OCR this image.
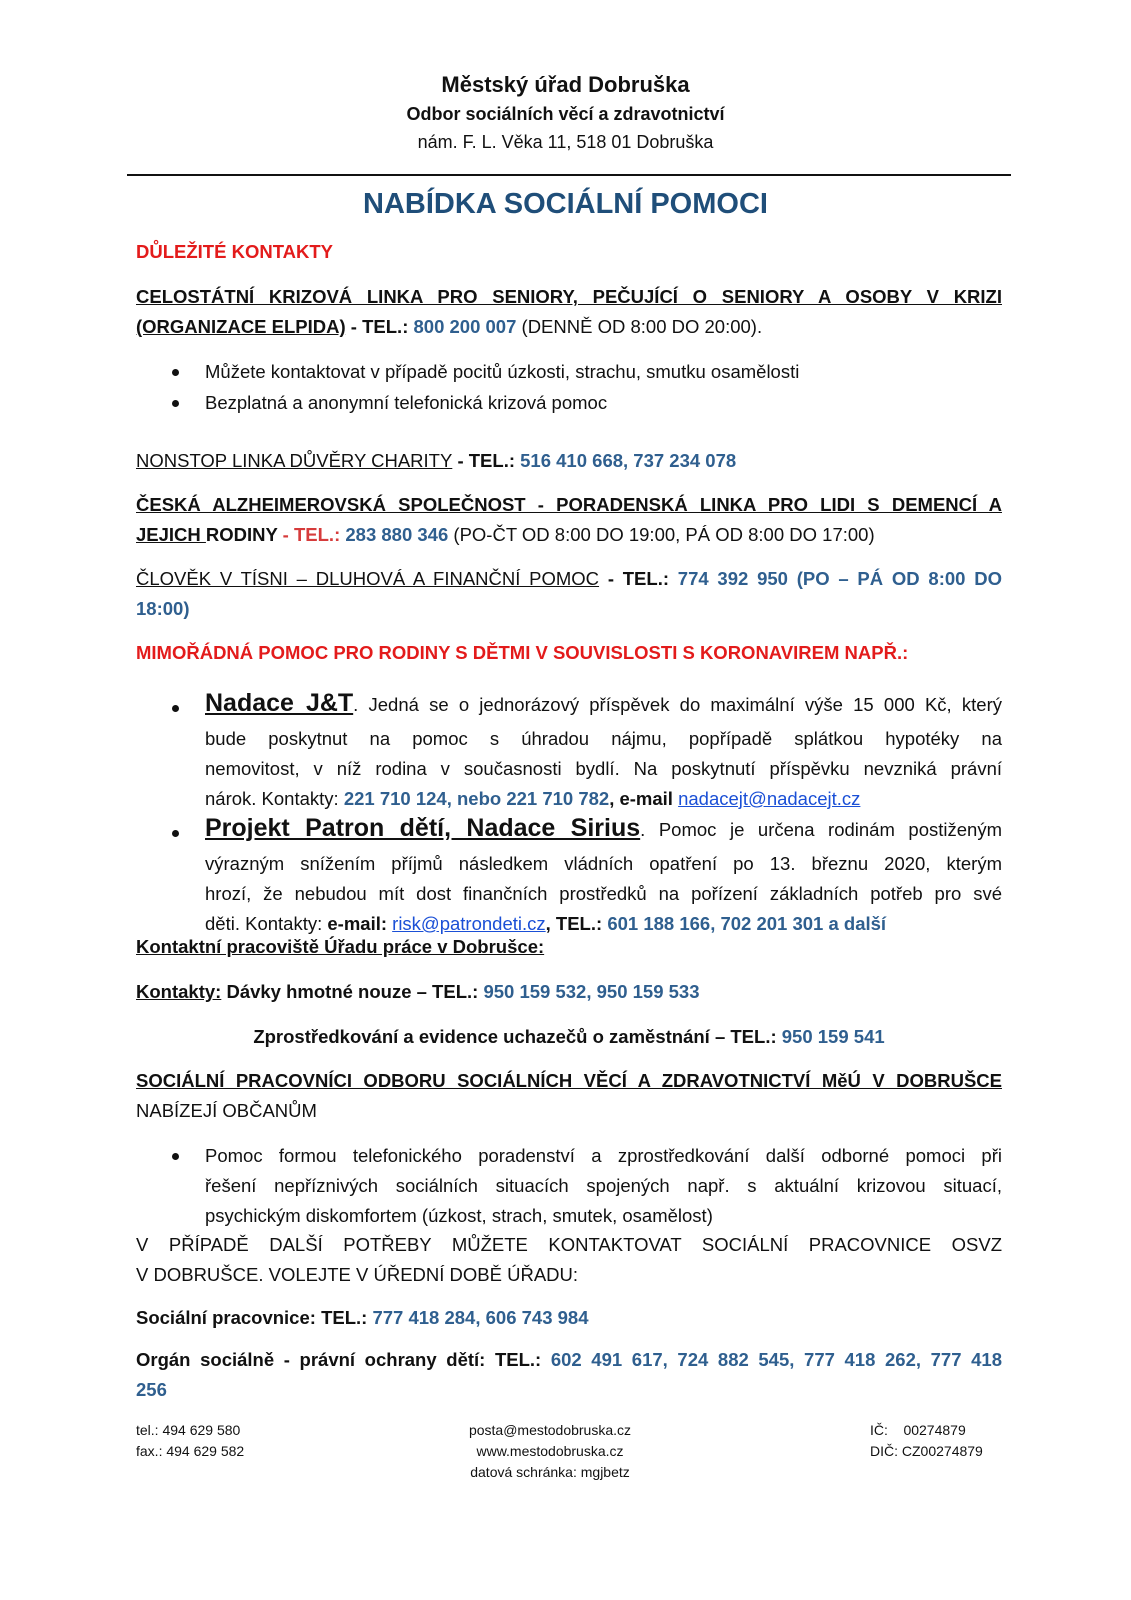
Městský úřad Dobruška
Odbor sociálních věcí a zdravotnictví
nám. F. L. Věka 11, 518 01 Dobruška
NABÍDKA SOCIÁLNÍ POMOCI
DŮLEŽITÉ KONTAKTY
CELOSTÁTNÍ KRIZOVÁ LINKA PRO SENIORY, PEČUJÍCÍ O SENIORY A OSOBY V KRIZI
(ORGANIZACE ELPIDA) - TEL.: 800 200 007 (DENNĚ OD 8:00 DO 20:00).
Můžete kontaktovat v případě pocitů úzkosti, strachu, smutku osamělosti
Bezplatná a anonymní telefonická krizová pomoc
NONSTOP LINKA DŮVĚRY CHARITY - TEL.: 516 410 668, 737 234 078
ČESKÁ ALZHEIMEROVSKÁ SPOLEČNOST - PORADENSKÁ LINKA PRO LIDI S DEMENCÍ A
JEJICH RODINY - TEL.: 283 880 346 (PO-ČT OD 8:00 DO 19:00, PÁ OD 8:00 DO 17:00)
ČLOVĚK V TÍSNI – DLUHOVÁ A FINANČNÍ POMOC - TEL.: 774 392 950 (PO – PÁ OD 8:00 DO
18:00)
MIMOŘÁDNÁ POMOC PRO RODINY S DĚTMI V SOUVISLOSTI S KORONAVIREM NAPŘ.:
Nadace J&T. Jedná se o jednorázový příspěvek do maximální výše 15 000 Kč, který
bude poskytnut na pomoc s úhradou nájmu, popřípadě splátkou hypotéky na
nemovitost, v níž rodina v současnosti bydlí. Na poskytnutí příspěvku nevzniká právní
nárok. Kontakty: 221 710 124, nebo 221 710 782, e-mail nadacejt@nadacejt.cz
Projekt Patron dětí, Nadace Sirius. Pomoc je určena rodinám postiženým
výrazným snížením příjmů následkem vládních opatření po 13. březnu 2020, kterým
hrozí, že nebudou mít dost finančních prostředků na pořízení základních potřeb pro své
děti. Kontakty: e-mail: risk@patrondeti.cz, TEL.: 601 188 166, 702 201 301 a další
Kontaktní pracoviště Úřadu práce v Dobrušce:
Kontakty: Dávky hmotné nouze – TEL.: 950 159 532, 950 159 533
Zprostředkování a evidence uchazečů o zaměstnání – TEL.: 950 159 541
SOCIÁLNÍ PRACOVNÍCI ODBORU SOCIÁLNÍCH VĚCÍ A ZDRAVOTNICTVÍ MěÚ V DOBRUŠCE
NABÍZEJÍ OBČANŮM
Pomoc formou telefonického poradenství a zprostředkování další odborné pomoci při
řešení nepříznivých sociálních situacích spojených např. s aktuální krizovou situací,
psychickým diskomfortem (úzkost, strach, smutek, osamělost)
V PŘÍPADĚ DALŠÍ POTŘEBY MŮŽETE KONTAKTOVAT SOCIÁLNÍ PRACOVNICE OSVZ
V DOBRUŠCE. VOLEJTE V ÚŘEDNÍ DOBĚ ÚŘADU:
Sociální pracovnice: TEL.: 777 418 284, 606 743 984
Orgán sociálně - právní ochrany dětí: TEL.: 602 491 617, 724 882 545, 777 418 262, 777 418
256
tel.: 494 629 580
fax.: 494 629 582
posta@mestodobruska.cz
www.mestodobruska.cz
datová schránka: mgjbetz
IČ:    00274879
DIČ: CZ00274879
